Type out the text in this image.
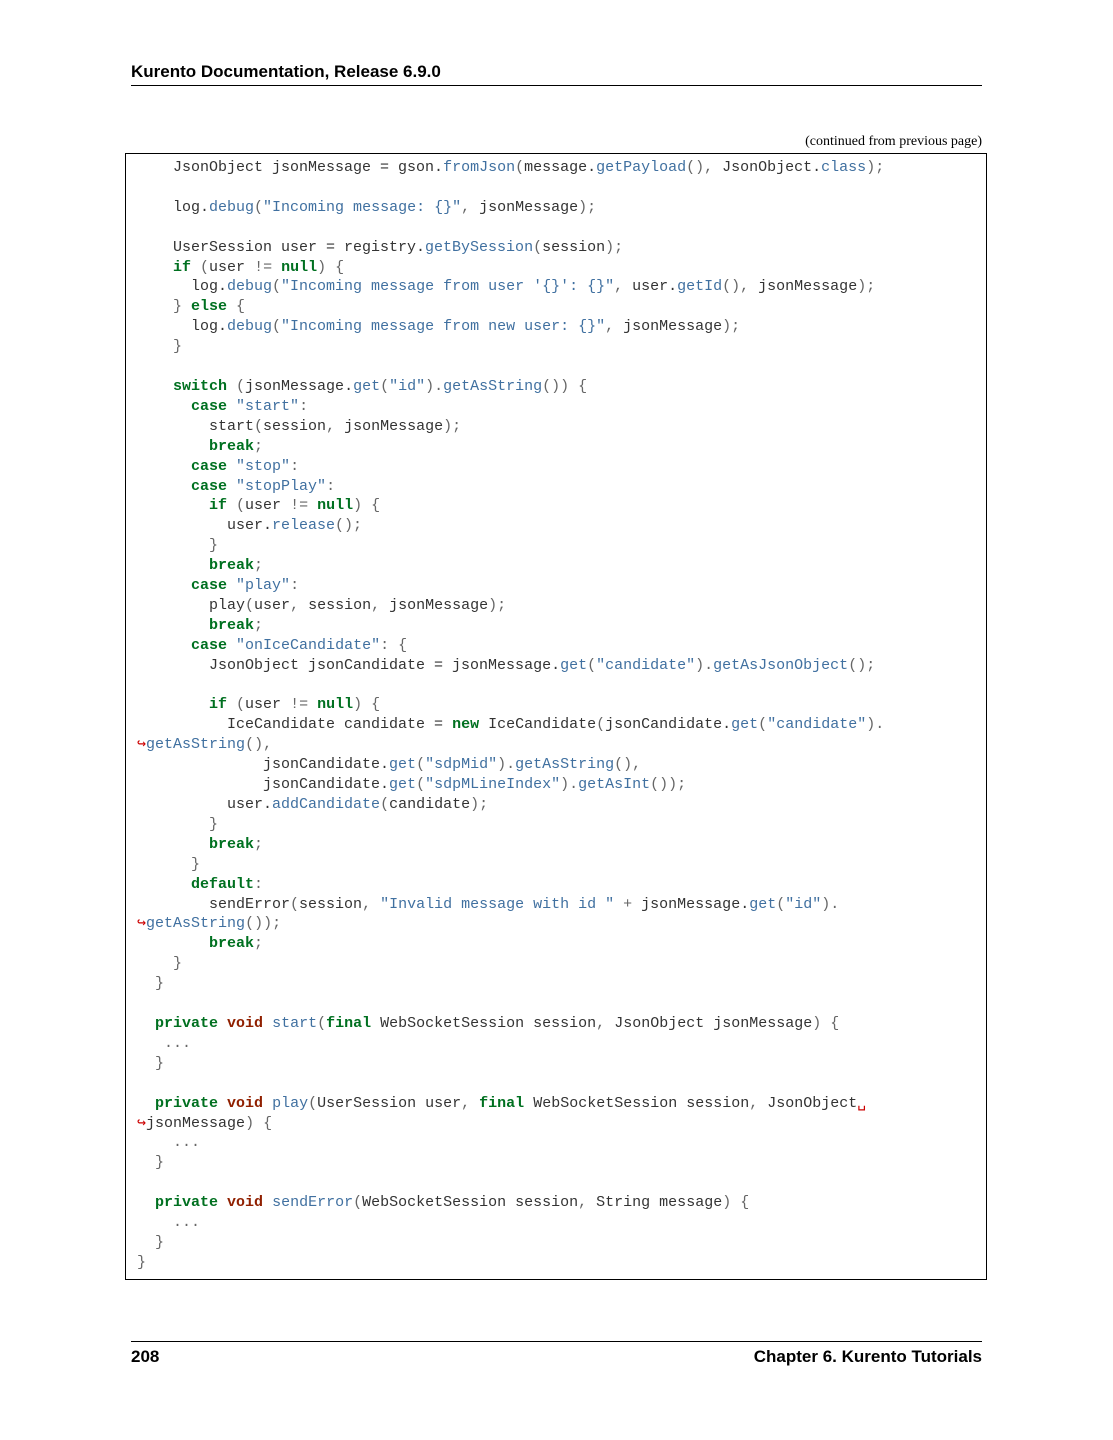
Kurento Documentation, Release 6.9.0
(continued from previous page)
JsonObject jsonMessage = gson.fromJson(message.getPayload(), JsonObject.class);
log.debug("Incoming message: {}", jsonMessage);
UserSession user = registry.getBySession(session);
if (user != null) {
log.debug("Incoming message from user '{}': {}", user.getId(), jsonMessage);
} else {
log.debug("Incoming message from new user: {}", jsonMessage);
}
switch (jsonMessage.get("id").getAsString()) {
case "start":
start(session, jsonMessage);
break;
case "stop":
case "stopPlay":
if (user != null) {
user.release();
}
break;
case "play":
play(user, session, jsonMessage);
break;
case "onIceCandidate": {
JsonObject jsonCandidate = jsonMessage.get("candidate").getAsJsonObject();
if (user != null) {
IceCandidate candidate = new IceCandidate(jsonCandidate.get("candidate").
↪getAsString(),
jsonCandidate.get("sdpMid").getAsString(),
jsonCandidate.get("sdpMLineIndex").getAsInt());
user.addCandidate(candidate);
}
break;
}
default:
sendError(session, "Invalid message with id " + jsonMessage.get("id").
↪getAsString());
break;
}
}
private void start(final WebSocketSession session, JsonObject jsonMessage) {
...
}
private void play(UserSession user, final WebSocketSession session, JsonObject␣
↪jsonMessage) {
...
}
private void sendError(WebSocketSession session, String message) {
...
}
}
208	Chapter 6. Kurento Tutorials
